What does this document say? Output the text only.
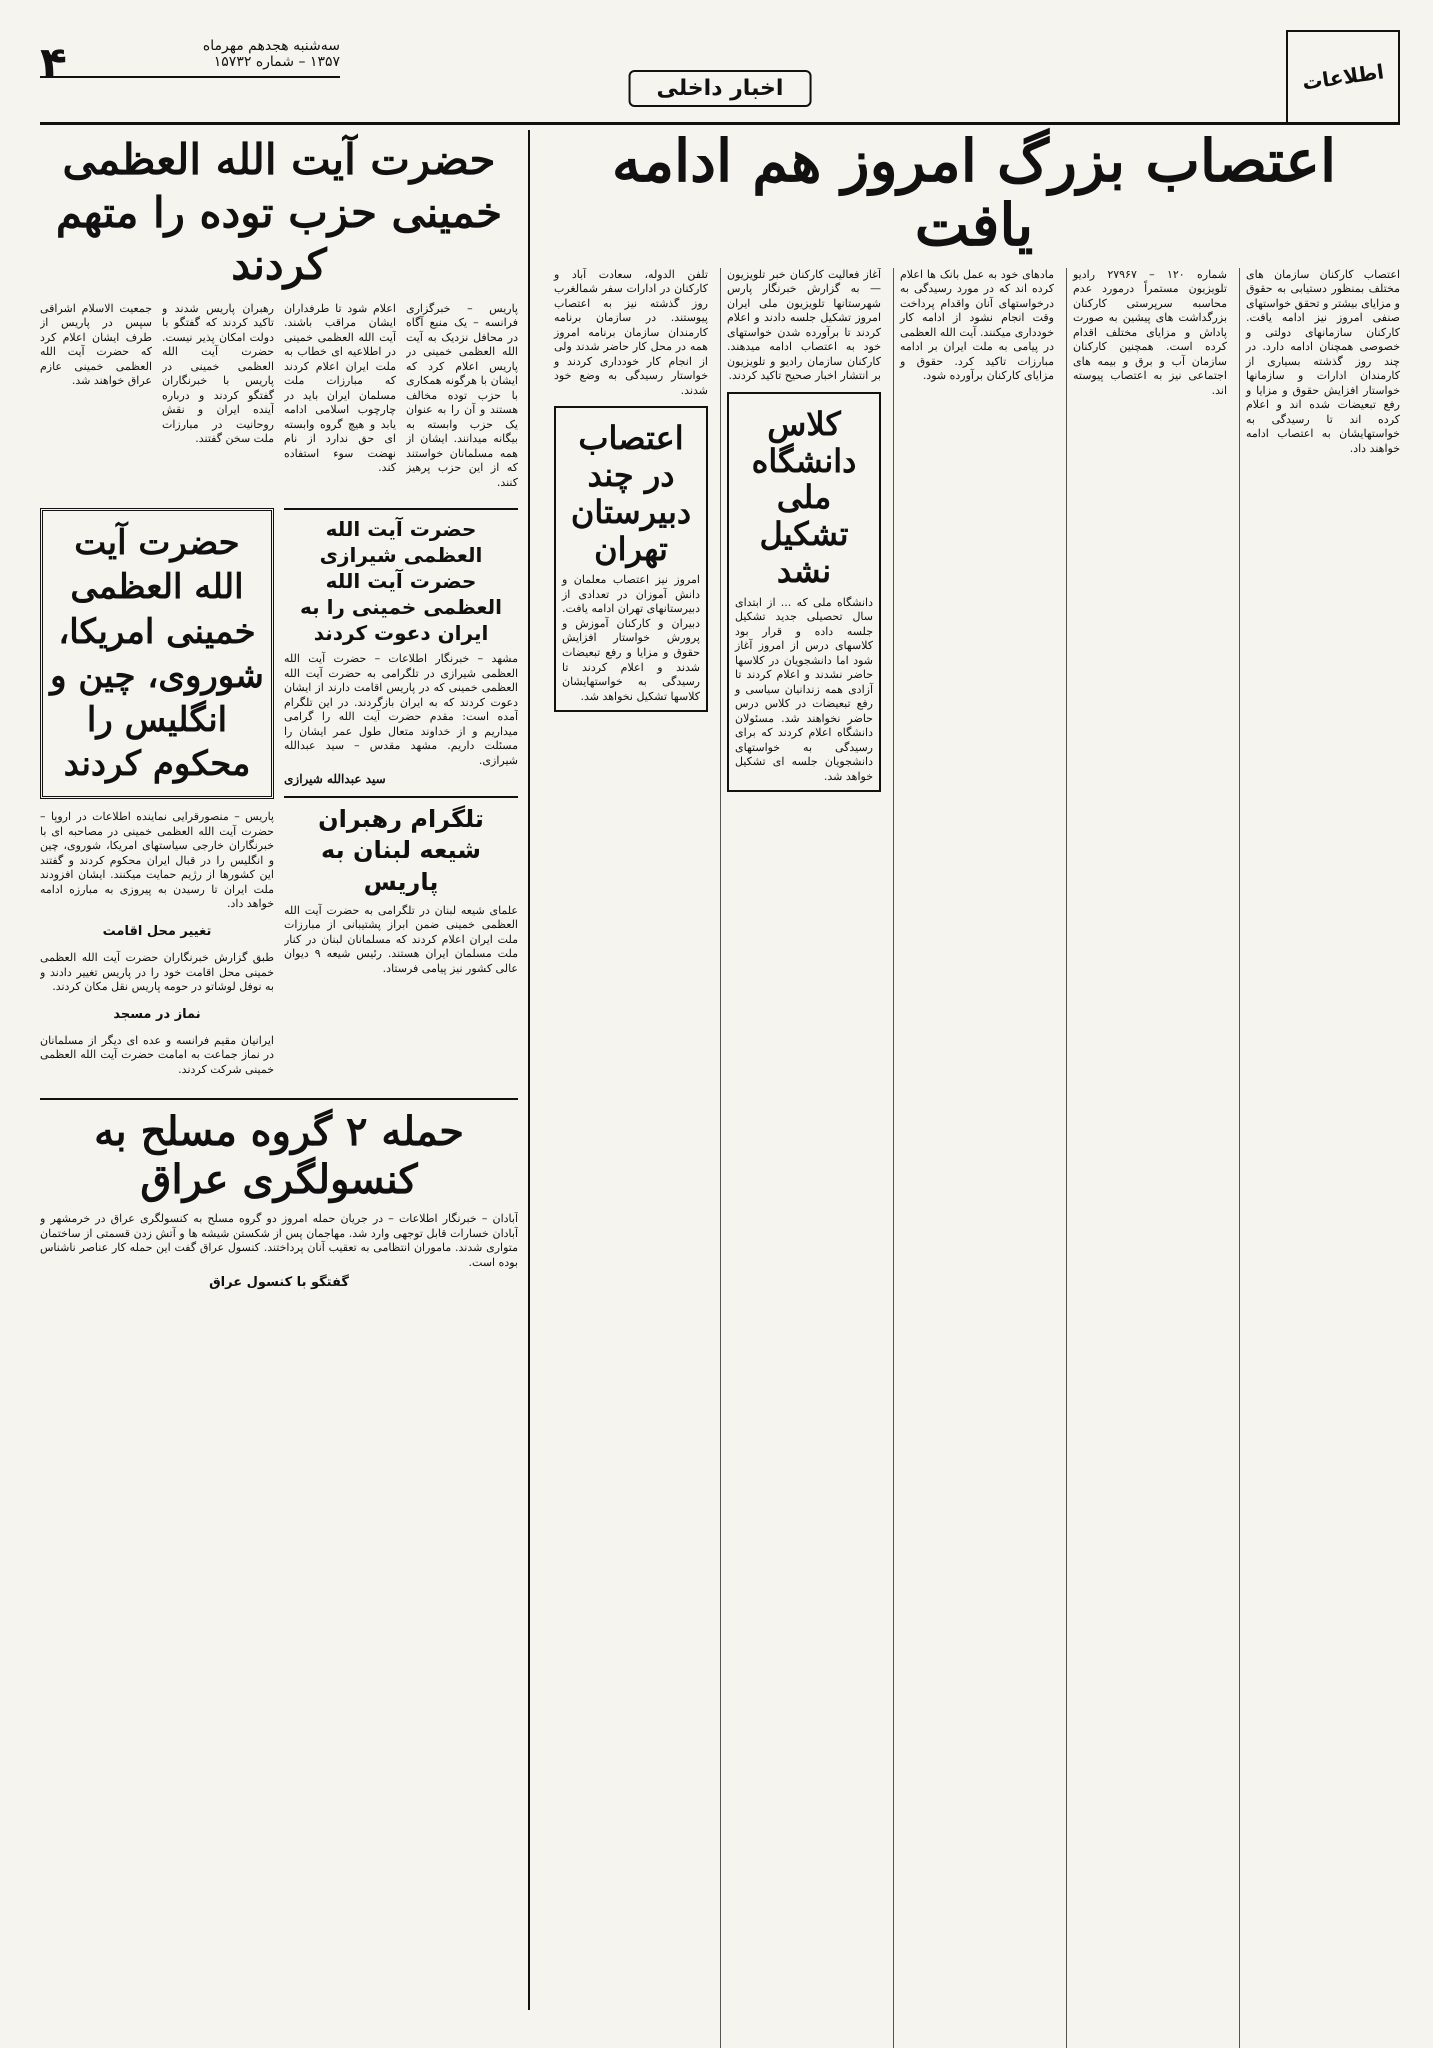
اطلاعات
اخبار داخلی
سه‌شنبه هجدهم مهرماه
۱۳۵۷ – شماره ۱۵۷۳۲
۴
اعتصاب بزرگ امروز هم ادامه یافت
اعتصاب کارکنان سازمان های مختلف بمنظور دستیابی به حقوق و مزایای بیشتر و تحقق خواستهای صنفی امروز نیز ادامه یافت. کارکنان سازمانهای دولتی و خصوصی همچنان ادامه دارد. در چند روز گذشته بسیاری از کارمندان ادارات و سازمانها خواستار افزایش حقوق و مزایا و رفع تبعیضات شده اند و اعلام کرده اند تا رسیدگی به خواستهایشان به اعتصاب ادامه خواهند داد.
شماره ۱۲۰ – ۲۷۹۶۷ راديو تلويزيون مستمراً درمورد عدم محاسبه سرپرستی کارکنان بزرگداشت های پیشین به صورت پاداش و مزایای مختلف اقدام کرده است. همچنین کارکنان سازمان آب و برق و بیمه های اجتماعی نیز به اعتصاب پیوسته اند.
مادهای خود به عمل بانک ها اعلام کرده اند که در مورد رسیدگی به درخواستهای آنان واقدام پرداخت وقت انجام نشود از ادامه کار خودداری میکنند. آیت الله العظمی در پیامی به ملت ایران بر ادامه مبارزات تاکید کرد. حقوق و مزایای کارکنان برآورده شود.
آغاز فعالیت کارکنان خبر تلویزیون — به گزارش خبرنگار پارس شهرستانها تلویزیون ملی ایران امروز تشکیل جلسه دادند و اعلام کردند تا برآورده شدن خواستهای خود به اعتصاب ادامه میدهند. کارکنان سازمان رادیو و تلویزیون بر انتشار اخبار صحیح تاکید کردند.
کلاس دانشگاه ملی تشکیل نشد
دانشگاه ملی که ... از ابتدای سال تحصیلی جدید تشکیل جلسه داده و قرار بود کلاسهای درس از امروز آغاز شود اما دانشجویان در کلاسها حاضر نشدند و اعلام کردند تا آزادی همه زندانیان سیاسی و رفع تبعیضات در کلاس درس حاضر نخواهند شد. مسئولان دانشگاه اعلام کردند که برای رسیدگی به خواستهای دانشجویان جلسه ای تشکیل خواهد شد.
تلفن الدوله، سعادت آباد و کارکنان در ادارات سفر شمالغرب روز گذشته نیز به اعتصاب پیوستند. در سازمان برنامه کارمندان سازمان برنامه امروز همه در محل کار حاضر شدند ولی از انجام کار خودداری کردند و خواستار رسیدگی به وضع خود شدند.
اعتصاب در چند دبیرستان تهران
امروز نیز اعتصاب معلمان و دانش آموزان در تعدادی از دبیرستانهای تهران ادامه یافت. دبیران و کارکنان آموزش و پرورش خواستار افزایش حقوق و مزایا و رفع تبعیضات شدند و اعلام کردند تا رسیدگی به خواستهایشان کلاسها تشکیل نخواهد شد.
حضرت آیت الله العظمی خمینی حزب توده را متهم کردند
پاریس – خبرگزاری فرانسه – یک منبع آگاه در محافل نزدیک به آیت الله العظمی خمینی در پاریس اعلام کرد که ایشان با هرگونه همکاری با حزب توده مخالف هستند و آن را به عنوان یک حزب وابسته به بیگانه میدانند. ایشان از همه مسلمانان خواستند که از این حزب پرهیز کنند.
اعلام شود تا طرفداران ایشان مراقب باشند. آیت الله العظمی خمینی در اطلاعیه ای خطاب به ملت ایران اعلام کردند که مبارزات ملت مسلمان ایران باید در چارچوب اسلامی ادامه یابد و هیچ گروه وابسته ای حق ندارد از نام نهضت سوء استفاده کند.
رهبران پاریس شدند و تاکید کردند که گفتگو با دولت امکان پذیر نیست. حضرت آیت الله العظمی خمینی در پاریس با خبرنگاران گفتگو کردند و درباره آینده ایران و نقش روحانیت در مبارزات ملت سخن گفتند.
جمعیت الاسلام اشراقی سپس در پاریس از طرف ایشان اعلام کرد که حضرت آیت الله العظمی خمینی عازم عراق خواهند شد.
حضرت آیت الله العظمی شیرازی حضرت آیت الله العظمی خمینی را به ایران دعوت کردند
مشهد – خبرنگار اطلاعات – حضرت آیت الله العظمی شیرازی در تلگرامی به حضرت آیت الله العظمی خمینی که در پاریس اقامت دارند از ایشان دعوت کردند که به ایران بازگردند. در این تلگرام آمده است: مقدم حضرت آیت الله را گرامی میداریم و از خداوند متعال طول عمر ایشان را مسئلت داریم. مشهد مقدس – سید عبدالله شیرازی.
سید عبدالله شیرازی
تلگرام رهبران شیعه لبنان به پاریس
علمای شیعه لبنان در تلگرامی به حضرت آیت الله العظمی خمینی ضمن ابراز پشتیبانی از مبارزات ملت ایران اعلام کردند که مسلمانان لبنان در کنار ملت مسلمان ایران هستند. رئیس شیعه ۹ دیوان عالی کشور نیز پیامی فرستاد.
حضرت آیت الله العظمی خمینی امریکا، شوروی، چین و انگلیس را محکوم کردند

پاریس – منصورقرایی نماینده اطلاعات در اروپا – حضرت آیت الله العظمی خمینی در مصاحبه ای با خبرنگاران خارجی سیاستهای امریکا، شوروی، چین و انگلیس را در قبال ایران محکوم کردند و گفتند این کشورها از رژیم حمایت میکنند. ایشان افزودند ملت ایران تا رسیدن به پیروزی به مبارزه ادامه خواهد داد.

تغییر محل اقامت

طبق گزارش خبرنگاران حضرت آیت الله العظمی خمینی محل اقامت خود را در پاریس تغییر دادند و به نوفل لوشاتو در حومه پاریس نقل مکان کردند.

نماز در مسجد

ایرانیان مقیم فرانسه و عده ای دیگر از مسلمانان در نماز جماعت به امامت حضرت آیت الله العظمی خمینی شرکت کردند.

حمله ۲ گروه مسلح به کنسولگری عراق
آبادان – خبرنگار اطلاعات – در جریان حمله امروز دو گروه مسلح به کنسولگری عراق در خرمشهر و آبادان خسارات قابل توجهی وارد شد. مهاجمان پس از شکستن شیشه ها و آتش زدن قسمتی از ساختمان متواری شدند. ماموران انتظامی به تعقیب آنان پرداختند. کنسول عراق گفت این حمله کار عناصر ناشناس بوده است.
گفتگو با کنسول عراق
